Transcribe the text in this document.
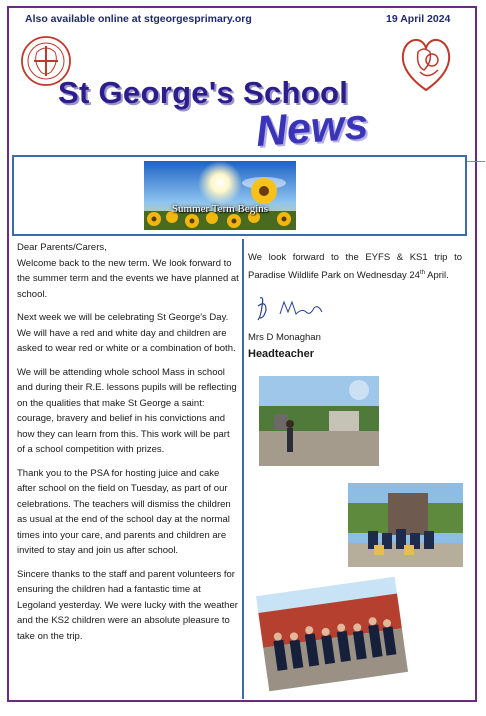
Also available online at stgeorgesprimary.org	19 April 2024
St George's School
News
Summer Term Begins
Dear Parents/Carers,

Welcome back to the new term. We look forward to the summer term and the events we have planned at school.

Next week we will be celebrating St George's Day. We will have a red and white day and children are asked to wear red or white or a combination of both.

We will be attending whole school Mass in school and during their R.E. lessons pupils will be reflecting on the qualities that make St George a saint: courage, bravery and belief in his convictions and how they can learn from this. This work will be part of a school competition with prizes.

Thank you to the PSA for hosting juice and cake after school on the field on Tuesday, as part of our celebrations. The teachers will dismiss the children as usual at the end of the school day at the normal times into your care, and parents and children are invited to stay and join us after school.

Sincere thanks to the staff and parent volunteers for ensuring the children had a fantastic time at Legoland yesterday. We were lucky with the weather and the KS2 children were an absolute pleasure to take on the trip.

We look forward to the EYFS & KS1 trip to Paradise Wildlife Park on Wednesday 24th April.

Mrs D Monaghan
Headteacher
